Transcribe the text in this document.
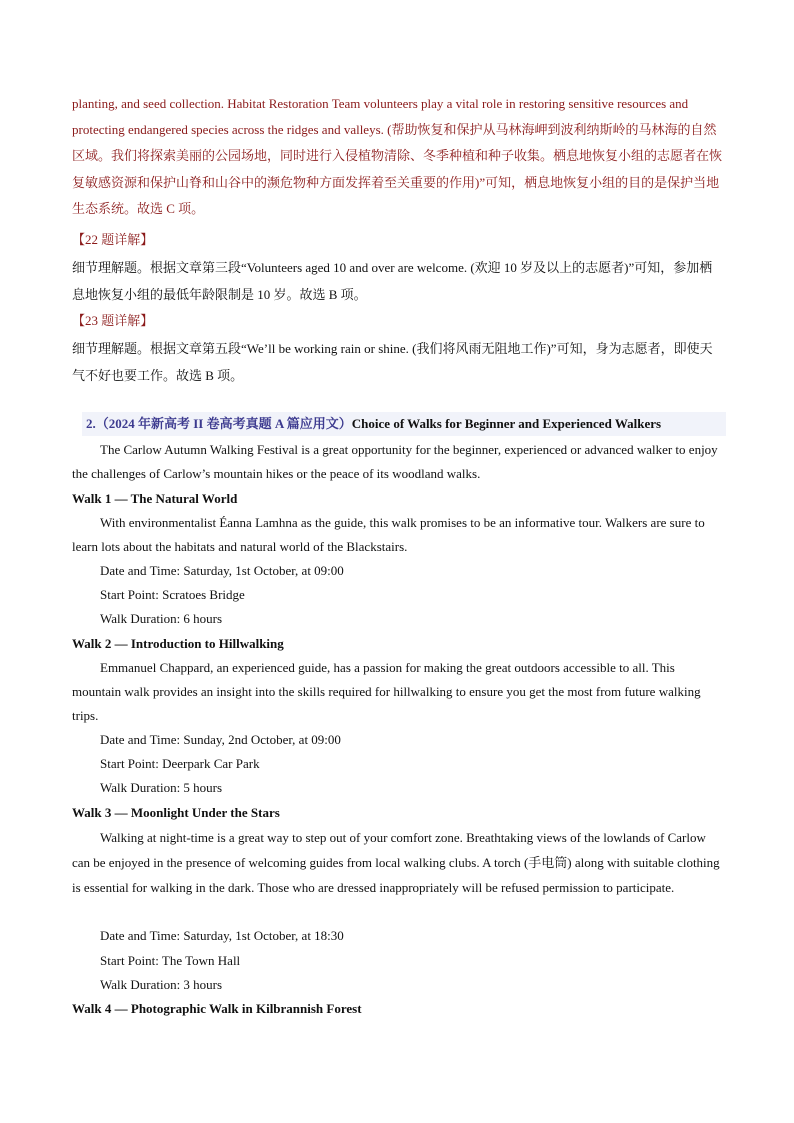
planting, and seed collection. Habitat Restoration Team volunteers play a vital role in restoring sensitive resources and protecting endangered species across the ridges and valleys. (帮助恢复和保护从马林海岬到波利纳斯岭的马林海的自然区域。我们将探索美丽的公园场地，同时进行入侵植物清除、冬季种植和种子收集。栖息地恢复小组的志愿者在恢复敏感资源和保护山脊和山谷中的濒危物种方面发挥着至关重要的作用)”可知，栖息地恢复小组的目的是保护当地生态系统。故选 C 项。

【22 题详解】

细节理解题。根据文章第三段“Volunteers aged 10 and over are welcome. (欢迎 10 岁及以上的志愿者)”可知，参加栖息地恢复小组的最低年龄限制是 10 岁。故选 B 项。

【23 题详解】

细节理解题。根据文章第五段“We’ll be working rain or shine. (我们将风雨无阻地工作)”可知，身为志愿者，即使天气不好也要工作。故选 B 项。

2.（2024 年新高考 II 卷高考真题 A 篇应用文）Choice of Walks for Beginner and Experienced Walkers

The Carlow Autumn Walking Festival is a great opportunity for the beginner, experienced or advanced walker to enjoy the challenges of Carlow’s mountain hikes or the peace of its woodland walks.

Walk 1 — The Natural World

With environmentalist Éanna Lamhna as the guide, this walk promises to be an informative tour. Walkers are sure to learn lots about the habitats and natural world of the Blackstairs.

Date and Time: Saturday, 1st October, at 09:00
Start Point: Scratoes Bridge
Walk Duration: 6 hours
Walk 2 — Introduction to Hillwalking

Emmanuel Chappard, an experienced guide, has a passion for making the great outdoors accessible to all. This mountain walk provides an insight into the skills required for hillwalking to ensure you get the most from future walking trips.

Date and Time: Sunday, 2nd October, at 09:00
Start Point: Deerpark Car Park
Walk Duration: 5 hours
Walk 3 — Moonlight Under the Stars

Walking at night-time is a great way to step out of your comfort zone. Breathtaking views of the lowlands of Carlow can be enjoyed in the presence of welcoming guides from local walking clubs. A torch (手电筒) along with suitable clothing is essential for walking in the dark. Those who are dressed inappropriately will be refused permission to participate.

Date and Time: Saturday, 1st October, at 18:30
Start Point: The Town Hall
Walk Duration: 3 hours
Walk 4 — Photographic Walk in Kilbrannish Forest
